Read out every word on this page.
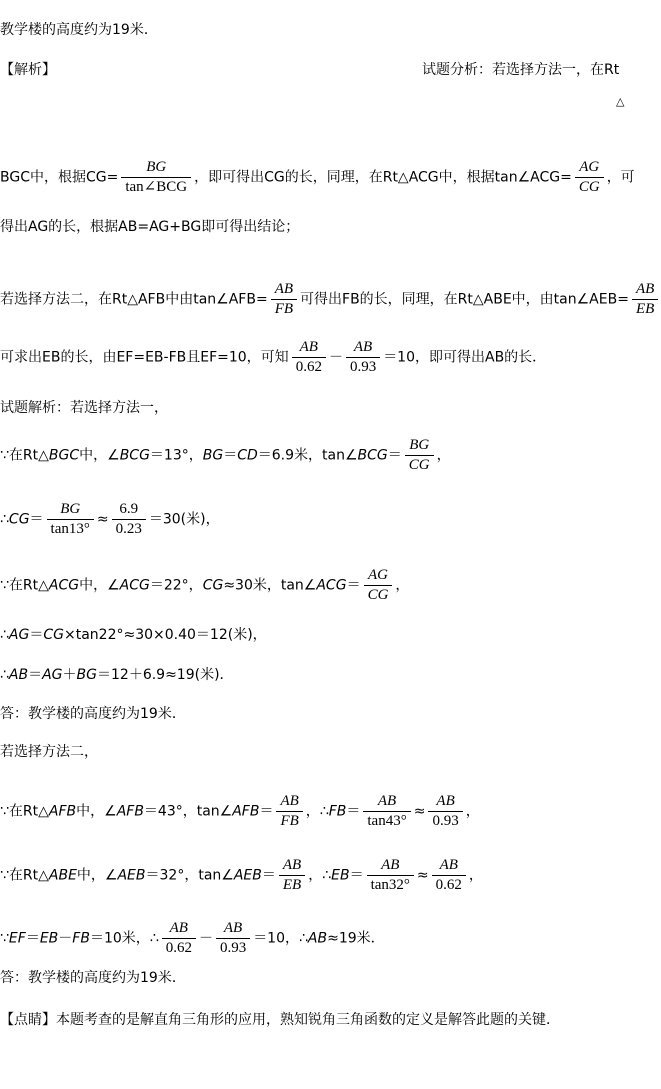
教学楼的高度约为19米．
【解析】	试题分析：若选择方法一，在Rt
△
BGC中，根据$CG= \frac{BG}{\text{tan∠BCG}}$ ，即可得出CG的长，同理，在Rt△ACG中，根据tan∠ACG= $\frac{AG}{CG}$ ，可
得出AG的长，根据AB=AG+BG即可得出结论；
若选择方法二，在Rt△AFB中由tan∠AFB= $\frac{AB}{FB}$ 可得出FB的长，同理，在Rt△ABE中，由tan∠AEB= $\frac{AB}{EB}$
可求出EB的长，由EF=EB-FB且EF=10，可知 $\frac{AB}{0.62} - \frac{AB}{0.93} =10$，即可得出AB的长．
试题解析：若选择方法一，
∵在Rt△BGC中，∠BCG＝13°，BG＝CD＝6.9米，tan∠BCG＝ $\frac{BG}{CG}$ ，
∴CG＝ $\frac{BG}{\tan 13^\circ} \approx \frac{6.9}{0.23} =30$(米)，
∵在Rt△ACG中，∠ACG＝22°，CG≈30米，tan∠ACG＝ $\frac{AG}{CG}$ ，
∴AG＝CG×tan22°≈30×0.40＝12(米)，
∴AB＝AG＋BG＝12＋6.9≈19(米)．
答：教学楼的高度约为19米．
若选择方法二，
∵在Rt△AFB中，∠AFB＝43°，tan∠AFB＝ $\frac{AB}{FB}$ ，∴FB＝ $\frac{AB}{\tan 43^\circ} \approx \frac{AB}{0.93}$ ，
∵在Rt△ABE中，∠AEB＝32°，tan∠AEB＝ $\frac{AB}{EB}$ ，∴EB＝ $\frac{AB}{\tan 32^\circ} \approx \frac{AB}{0.62}$ ，
∵EF＝EB－FB＝10米，∴ $\frac{AB}{0.62} - \frac{AB}{0.93} =10$，∴AB≈19米．
答：教学楼的高度约为19米．
【点睛】本题考查的是解直角三角形的应用，熟知锐角三角函数的定义是解答此题的关键．
